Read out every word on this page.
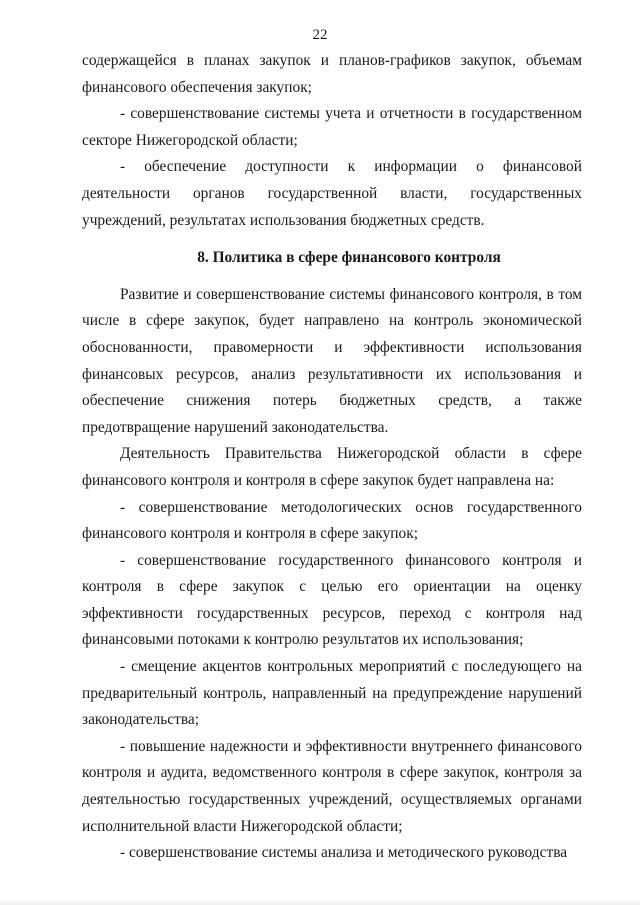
22

содержащейся в планах закупок и планов-графиков закупок, объемам финансового обеспечения закупок;

- совершенствование системы учета и отчетности в государственном секторе Нижегородской области;

- обеспечение доступности к информации о финансовой деятельности органов государственной власти, государственных учреждений, результатах использования бюджетных средств.

8. Политика в сфере финансового контроля

Развитие и совершенствование системы финансового контроля, в том числе в сфере закупок, будет направлено на контроль экономической обоснованности, правомерности и эффективности использования финансовых ресурсов, анализ результативности их использования и обеспечение снижения потерь бюджетных средств, а также предотвращение нарушений законодательства.

Деятельность Правительства Нижегородской области в сфере финансового контроля и контроля в сфере закупок будет направлена на:

- совершенствование методологических основ государственного финансового контроля и контроля в сфере закупок;

- совершенствование государственного финансового контроля и контроля в сфере закупок с целью его ориентации на оценку эффективности государственных ресурсов, переход с контроля над финансовыми потоками к контролю результатов их использования;

- смещение акцентов контрольных мероприятий с последующего на предварительный контроль, направленный на предупреждение нарушений законодательства;

- повышение надежности и эффективности внутреннего финансового контроля и аудита, ведомственного контроля в сфере закупок, контроля за деятельностью государственных учреждений, осуществляемых органами исполнительной власти Нижегородской области;

- совершенствование системы анализа и методического руководства
